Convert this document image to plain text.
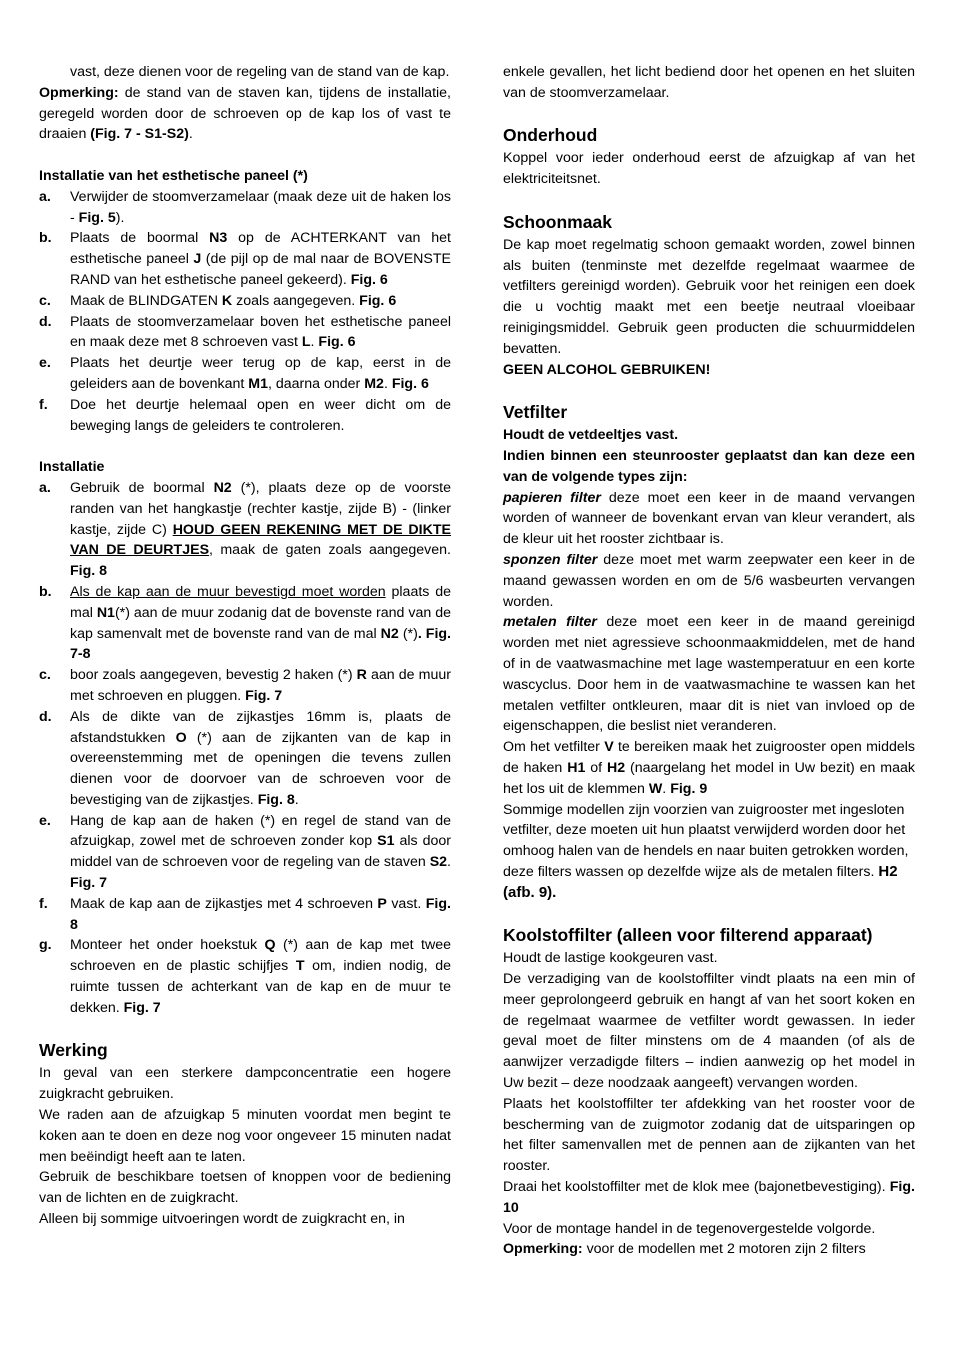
vast, deze dienen voor de regeling van de stand van de kap.

Opmerking: de stand van de staven kan, tijdens de installatie, geregeld worden door de schroeven op de kap los of vast te draaien (Fig. 7 - S1-S2).

Installatie van het esthetische paneel (*)

a.	Verwijder de stoomverzamelaar (maak deze uit de haken los - Fig. 5).
b.	Plaats de boormal N3 op de ACHTERKANT van het esthetische paneel J (de pijl op de mal naar de BOVENSTE RAND van het esthetische paneel gekeerd). Fig. 6
c.	Maak de BLINDGATEN K zoals aangegeven. Fig. 6
d.	Plaats de stoomverzamelaar boven het esthetische paneel en maak deze met 8 schroeven vast L. Fig. 6
e.	Plaats het deurtje weer terug op de kap, eerst in de geleiders aan de bovenkant M1, daarna onder M2. Fig. 6
f.	Doe het deurtje helemaal open en weer dicht om de beweging langs de geleiders te controleren.

Installatie

a.	Gebruik de boormal N2 (*), plaats deze op de voorste randen van het hangkastje (rechter kastje, zijde B) - (linker kastje, zijde C) HOUD GEEN REKENING MET DE DIKTE VAN DE DEURTJES, maak de gaten zoals aangegeven. Fig. 8
b.	Als de kap aan de muur bevestigd moet worden plaats de mal N1(*) aan de muur zodanig dat de bovenste rand van de kap samenvalt met de bovenste rand van de mal N2 (*). Fig. 7-8
c.	boor zoals aangegeven, bevestig 2 haken (*) R aan de muur met schroeven en pluggen. Fig. 7
d.	Als de dikte van de zijkastjes 16mm is, plaats de afstandstukken O (*) aan de zijkanten van de kap in overeenstemming met de openingen die tevens zullen dienen voor de doorvoer van de schroeven voor de bevestiging van de zijkastjes. Fig. 8.
e.	Hang de kap aan de haken (*) en regel de stand van de afzuigkap, zowel met de schroeven zonder kop S1 als door middel van de schroeven voor de regeling van de staven S2. Fig. 7
f.	Maak de kap aan de zijkastjes met 4 schroeven P vast. Fig. 8
g.	Monteer het onder hoekstuk Q (*) aan de kap met twee schroeven en de plastic schijfjes T om, indien nodig, de ruimte tussen de achterkant van de kap en de muur te dekken. Fig. 7
Werking

In geval van een sterkere dampconcentratie een hogere zuigkracht gebruiken.

We raden aan de afzuigkap 5 minuten voordat men begint te koken aan te doen en deze nog voor ongeveer 15 minuten nadat men beëindigt heeft aan te laten.

Gebruik de beschikbare toetsen of knoppen voor de bediening van de lichten en de zuigkracht.

Alleen bij sommige uitvoeringen wordt de zuigkracht en, in

enkele gevallen, het licht bediend door het openen en het sluiten van de stoomverzamelaar.

Onderhoud

Koppel voor ieder onderhoud eerst de afzuigkap af van het elektriciteitsnet.

Schoonmaak

De kap moet regelmatig schoon gemaakt worden, zowel binnen als buiten (tenminste met dezelfde regelmaat waarmee de vetfilters gereinigd worden). Gebruik voor het reinigen een doek die u vochtig maakt met een beetje neutraal vloeibaar reinigingsmiddel. Gebruik geen producten die schuurmiddelen bevatten.

GEEN ALCOHOL GEBRUIKEN!

Vetfilter

Houdt de vetdeeltjes vast.

Indien binnen een steunrooster geplaatst dan kan deze een van de volgende types zijn:

papieren filter deze moet een keer in de maand vervangen worden of wanneer de bovenkant ervan van kleur verandert, als de kleur uit het rooster zichtbaar is.

sponzen filter deze moet met warm zeepwater een keer in de maand gewassen worden en om de 5/6 wasbeurten vervangen worden.

metalen filter deze moet een keer in de maand gereinigd worden met niet agressieve schoonmaakmiddelen, met de hand of in de vaatwasmachine met lage wastemperatuur en een korte wascyclus. Door hem in de vaatwasmachine te wassen kan het metalen vetfilter ontkleuren, maar dit is niet van invloed op de eigenschappen, die beslist niet veranderen.

Om het vetfilter V te bereiken maak het zuigrooster open middels de haken H1 of H2 (naargelang het model in Uw bezit) en maak het los uit de klemmen W. Fig. 9

Sommige modellen zijn voorzien van zuigrooster met ingesloten vetfilter, deze moeten uit hun plaatst verwijderd worden door het omhoog halen van de hendels en naar buiten getrokken worden, deze filters wassen op dezelfde wijze als de metalen filters. H2 (afb. 9).

Koolstoffilter (alleen voor filterend apparaat)

Houdt de lastige kookgeuren vast.

De verzadiging van de koolstoffilter vindt plaats na een min of meer geprolongeerd gebruik en hangt af van het soort koken en de regelmaat waarmee de vetfilter wordt gewassen. In ieder geval moet de filter minstens om de 4 maanden (of als de aanwijzer verzadigde filters – indien aanwezig op het model in Uw bezit – deze noodzaak aangeeft) vervangen worden.

Plaats het koolstoffilter ter afdekking van het rooster voor de bescherming van de zuigmotor zodanig dat de uitsparingen op het filter samenvallen met de pennen aan de zijkanten van het rooster.

Draai het koolstoffilter met de klok mee (bajonetbevestiging). Fig. 10

Voor de montage handel in de tegenovergestelde volgorde.

Opmerking: voor de modellen met 2 motoren zijn 2 filters
